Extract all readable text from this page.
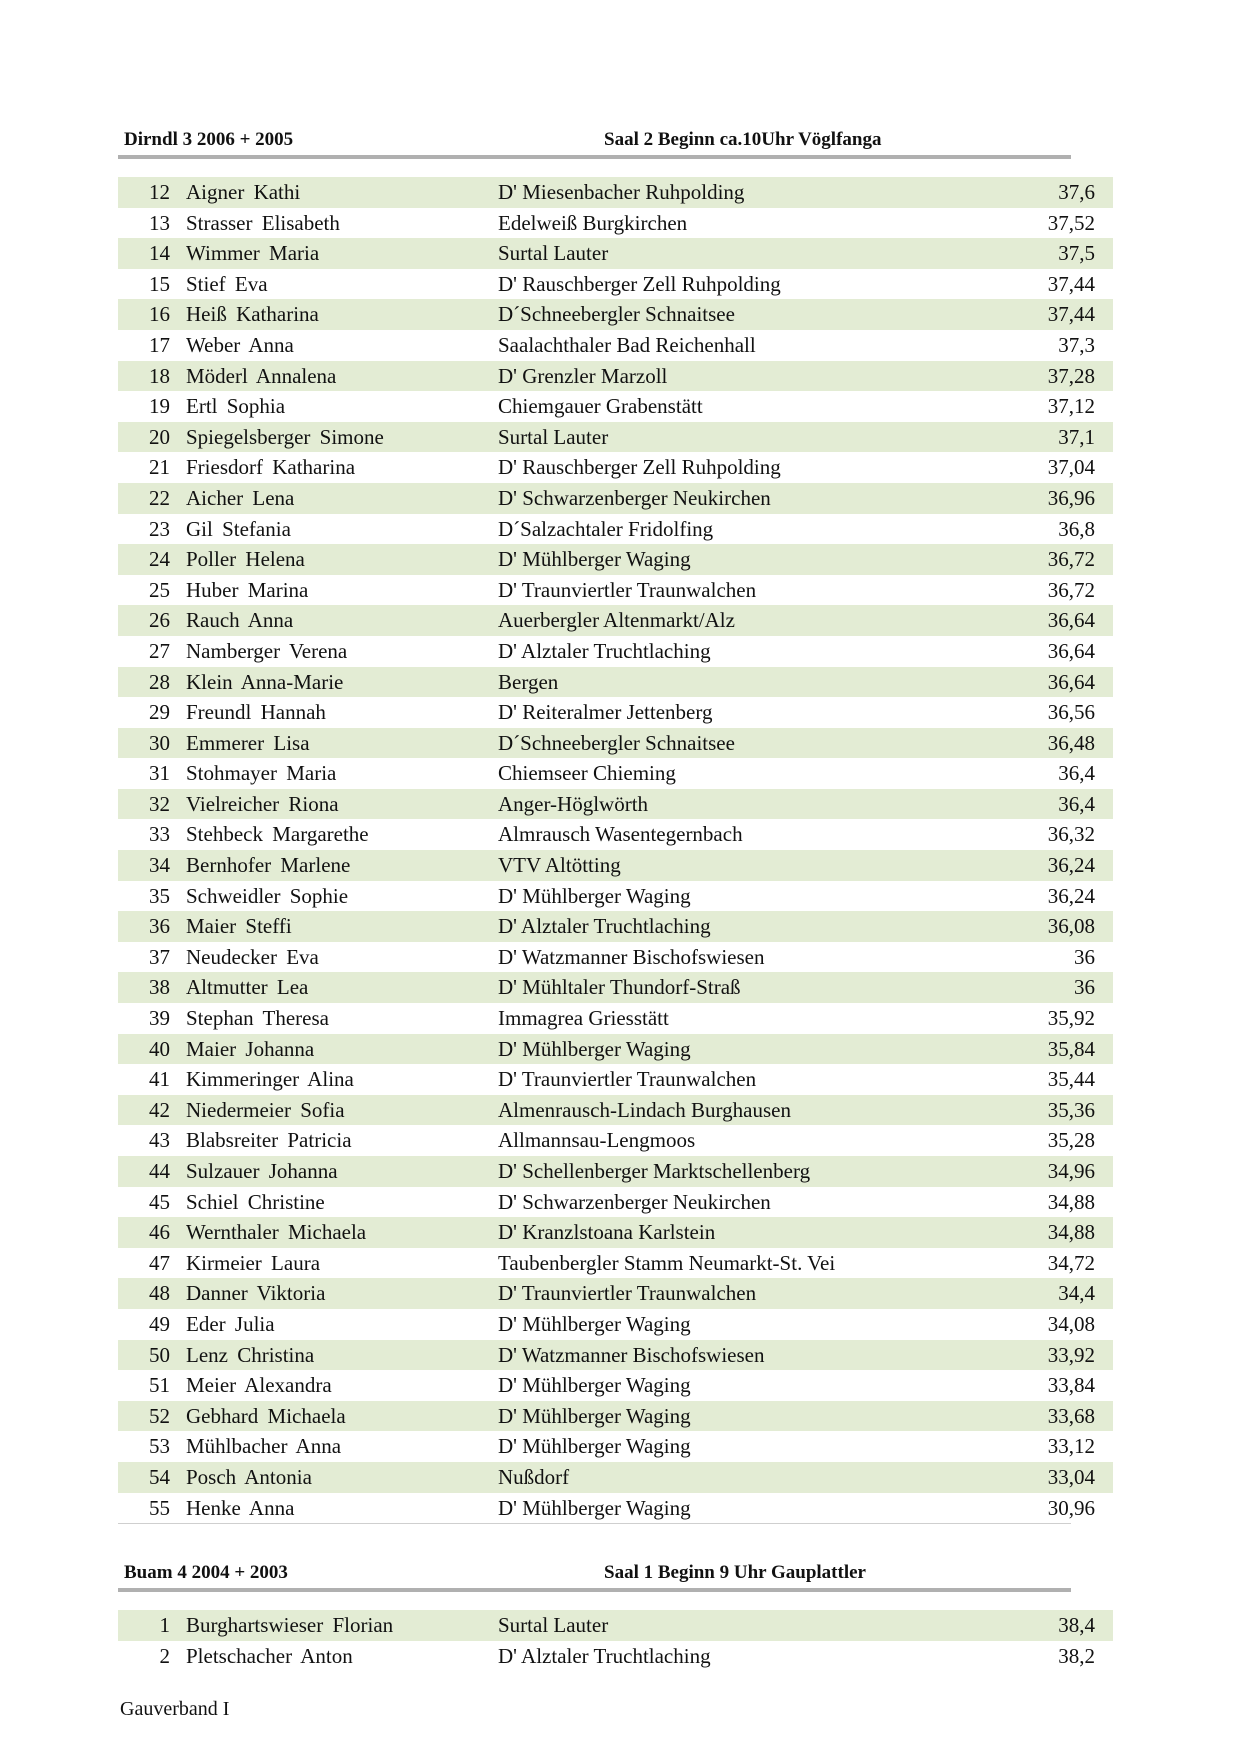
Dirndl 3 2006 + 2005	Saal 2 Beginn ca.10Uhr Vöglfanga
12 Aigner Kathi	D' Miesenbacher Ruhpolding	37,6
13 Strasser Elisabeth	Edelweiß Burgkirchen	37,52
14 Wimmer Maria	Surtal Lauter	37,5
15 Stief Eva	D' Rauschberger Zell Ruhpolding	37,44
16 Heiß Katharina	D´Schneebergler Schnaitsee	37,44
17 Weber Anna	Saalachthaler Bad Reichenhall	37,3
18 Möderl Annalena	D' Grenzler Marzoll	37,28
19 Ertl Sophia	Chiemgauer Grabenstätt	37,12
20 Spiegelsberger Simone	Surtal Lauter	37,1
21 Friesdorf Katharina	D' Rauschberger Zell Ruhpolding	37,04
22 Aicher Lena	D' Schwarzenberger Neukirchen	36,96
23 Gil Stefania	D´Salzachtaler Fridolfing	36,8
24 Poller Helena	D' Mühlberger Waging	36,72
25 Huber Marina	D' Traunviertler Traunwalchen	36,72
26 Rauch Anna	Auerbergler Altenmarkt/Alz	36,64
27 Namberger Verena	D' Alztaler Truchtlaching	36,64
28 Klein Anna-Marie	Bergen	36,64
29 Freundl Hannah	D' Reiteralmer Jettenberg	36,56
30 Emmerer Lisa	D´Schneebergler Schnaitsee	36,48
31 Stohmayer Maria	Chiemseer Chieming	36,4
32 Vielreicher Riona	Anger-Höglwörth	36,4
33 Stehbeck Margarethe	Almrausch Wasentegernbach	36,32
34 Bernhofer Marlene	VTV Altötting	36,24
35 Schweidler Sophie	D' Mühlberger Waging	36,24
36 Maier Steffi	D' Alztaler Truchtlaching	36,08
37 Neudecker Eva	D' Watzmanner Bischofswiesen	36
38 Altmutter Lea	D' Mühltaler Thundorf-Straß	36
39 Stephan Theresa	Immagrea Griesstätt	35,92
40 Maier Johanna	D' Mühlberger Waging	35,84
41 Kimmeringer Alina	D' Traunviertler Traunwalchen	35,44
42 Niedermeier Sofia	Almenrausch-Lindach Burghausen	35,36
43 Blabsreiter Patricia	Allmannsau-Lengmoos	35,28
44 Sulzauer Johanna	D' Schellenberger Marktschellenberg	34,96
45 Schiel Christine	D' Schwarzenberger Neukirchen	34,88
46 Wernthaler Michaela	D' Kranzlstoana Karlstein	34,88
47 Kirmeier Laura	Taubenbergler Stamm Neumarkt-St. Vei	34,72
48 Danner Viktoria	D' Traunviertler Traunwalchen	34,4
49 Eder Julia	D' Mühlberger Waging	34,08
50 Lenz Christina	D' Watzmanner Bischofswiesen	33,92
51 Meier Alexandra	D' Mühlberger Waging	33,84
52 Gebhard Michaela	D' Mühlberger Waging	33,68
53 Mühlbacher Anna	D' Mühlberger Waging	33,12
54 Posch Antonia	Nußdorf	33,04
55 Henke Anna	D' Mühlberger Waging	30,96
Buam 4 2004 + 2003	Saal 1 Beginn 9 Uhr Gauplattler
1 Burghartswieser Florian	Surtal Lauter	38,4
2 Pletschacher Anton	D' Alztaler Truchtlaching	38,2
Gauverband I
